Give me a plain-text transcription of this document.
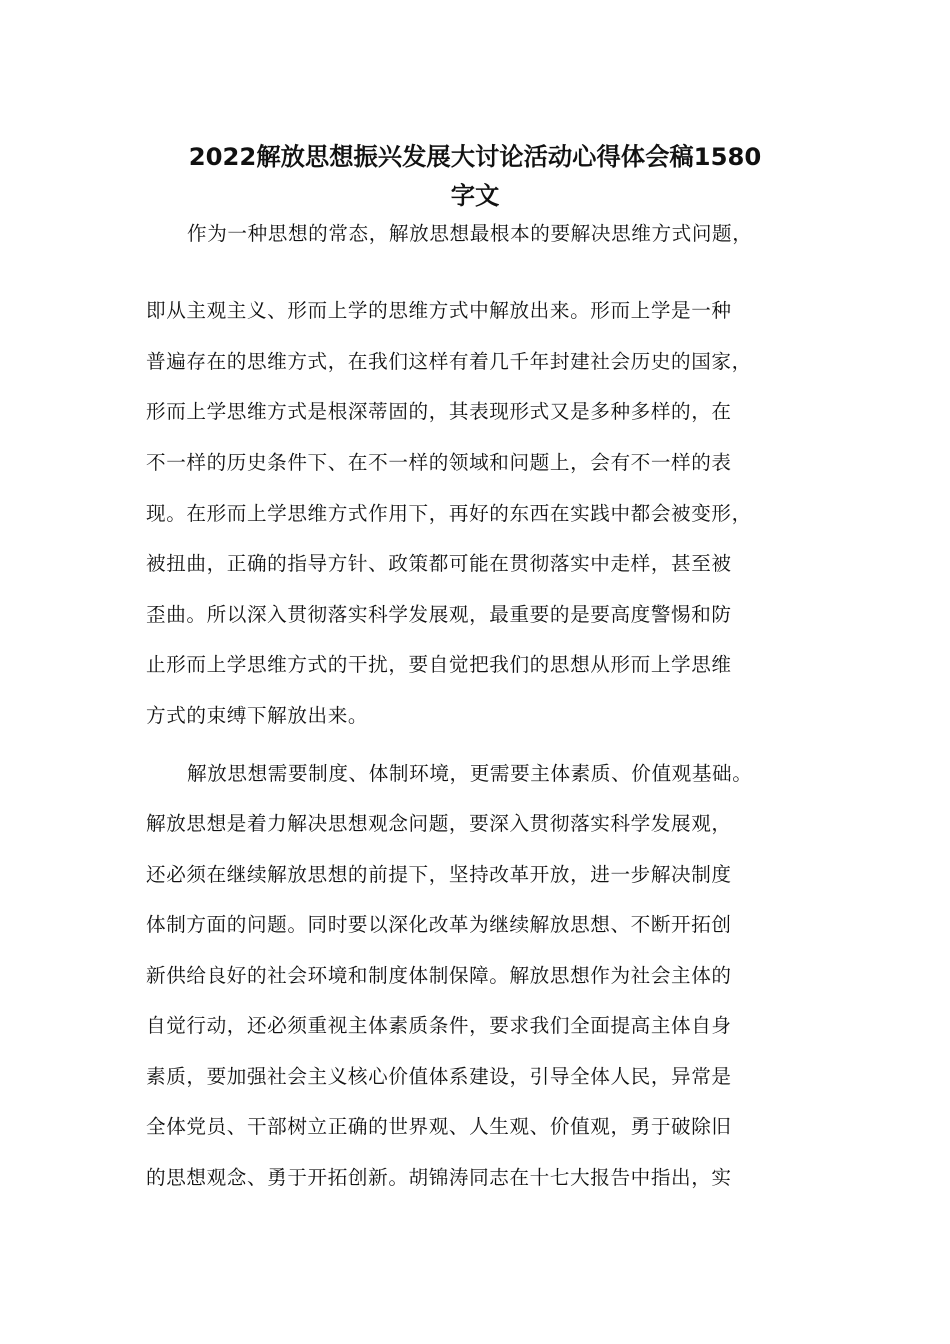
2022解放思想振兴发展大讨论活动心得体会稿1580
字文

作为一种思想的常态，解放思想最根本的要解决思维方式问题，

即从主观主义、形而上学的思维方式中解放出来。形而上学是一种

普遍存在的思维方式，在我们这样有着几千年封建社会历史的国家，

形而上学思维方式是根深蒂固的，其表现形式又是多种多样的，在

不一样的历史条件下、在不一样的领域和问题上，会有不一样的表

现。在形而上学思维方式作用下，再好的东西在实践中都会被变形，

被扭曲，正确的指导方针、政策都可能在贯彻落实中走样，甚至被

歪曲。所以深入贯彻落实科学发展观，最重要的是要高度警惕和防

止形而上学思维方式的干扰，要自觉把我们的思想从形而上学思维

方式的束缚下解放出来。

解放思想需要制度、体制环境，更需要主体素质、价值观基础。

解放思想是着力解决思想观念问题，要深入贯彻落实科学发展观，

还必须在继续解放思想的前提下，坚持改革开放，进一步解决制度

体制方面的问题。同时要以深化改革为继续解放思想、不断开拓创

新供给良好的社会环境和制度体制保障。解放思想作为社会主体的

自觉行动，还必须重视主体素质条件，要求我们全面提高主体自身

素质，要加强社会主义核心价值体系建设，引导全体人民，异常是

全体党员、干部树立正确的世界观、人生观、价值观，勇于破除旧

的思想观念、勇于开拓创新。胡锦涛同志在十七大报告中指出，实
